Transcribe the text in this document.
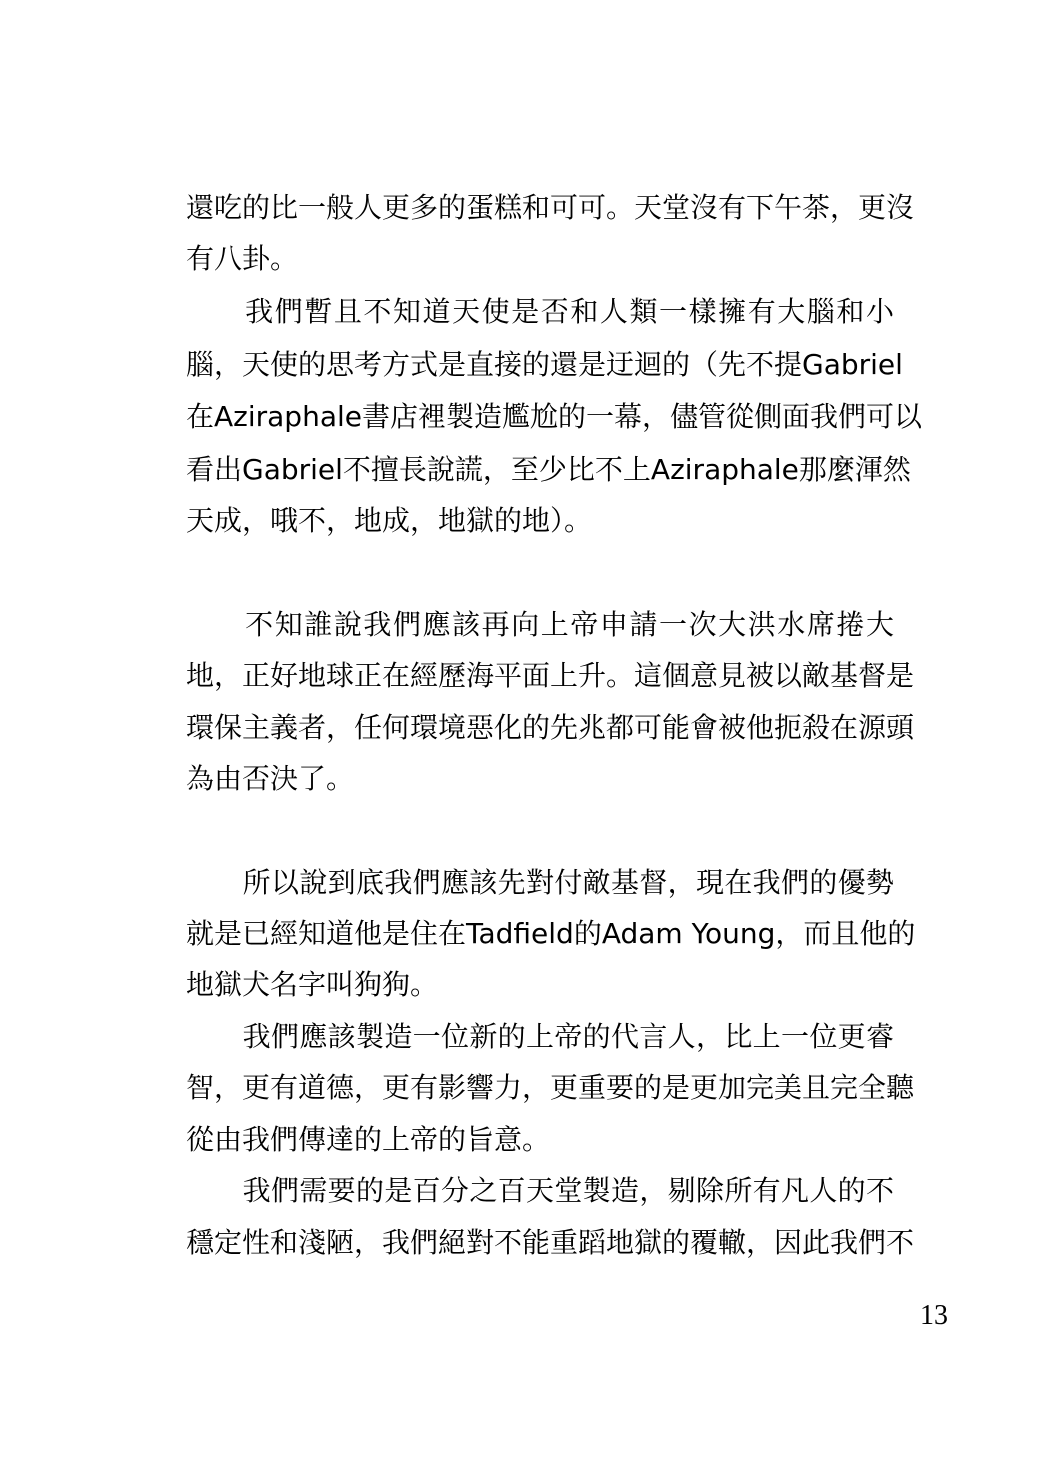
還吃的比一般人更多的蛋糕和可可。天堂沒有下午茶，更沒
有八卦。
　　我們暫且不知道天使是否和人類一樣擁有大腦和小
腦，天使的思考方式是直接的還是迂迴的（先不提Gabriel
在Aziraphale書店裡製造尷尬的一幕，儘管從側面我們可以
看出Gabriel不擅長說謊，至少比不上Aziraphale那麼渾然
天成，哦不，地成，地獄的地）。
　　不知誰說我們應該再向上帝申請一次大洪水席捲大
地，正好地球正在經歷海平面上升。這個意見被以敵基督是
環保主義者，任何環境惡化的先兆都可能會被他扼殺在源頭
為由否決了。
　　所以說到底我們應該先對付敵基督，現在我們的優勢
就是已經知道他是住在Tadfield的Adam Young，而且他的
地獄犬名字叫狗狗。
　　我們應該製造一位新的上帝的代言人，比上一位更睿
智，更有道德，更有影響力，更重要的是更加完美且完全聽
從由我們傳達的上帝的旨意。
　　我們需要的是百分之百天堂製造，剔除所有凡人的不
穩定性和淺陋，我們絕對不能重蹈地獄的覆轍，因此我們不
13
